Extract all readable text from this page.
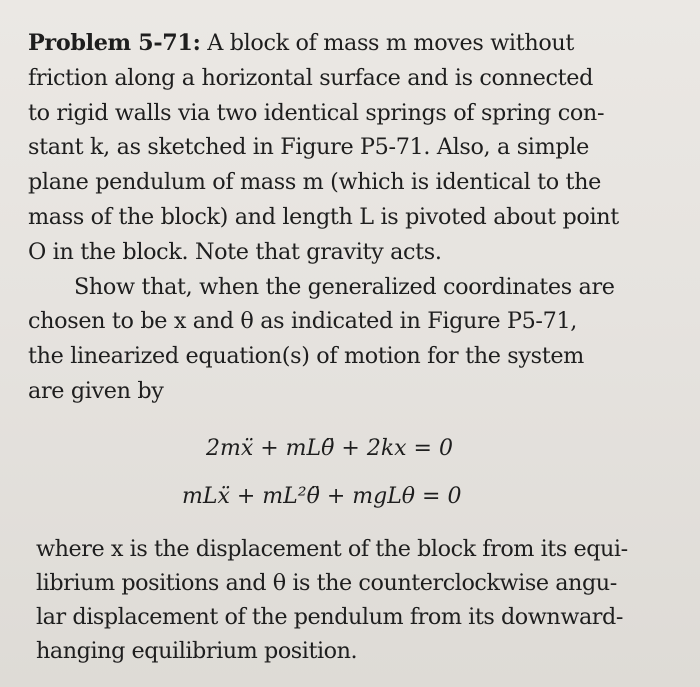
Problem 5-71: A block of mass m moves without
friction along a horizontal surface and is connected
to rigid walls via two identical springs of spring con-
stant k, as sketched in Figure P5-71. Also, a simple
plane pendulum of mass m (which is identical to the
mass of the block) and length L is pivoted about point
O in the block. Note that gravity acts.
Show that, when the generalized coordinates are
chosen to be x and θ as indicated in Figure P5-71,
the linearized equation(s) of motion for the system
are given by
2mẍ + mLθ̈ + 2kx = 0
mLẍ + mL²θ̈ + mgLθ = 0
where x is the displacement of the block from its equi-
librium positions and θ is the counterclockwise angu-
lar displacement of the pendulum from its downward-
hanging equilibrium position.
